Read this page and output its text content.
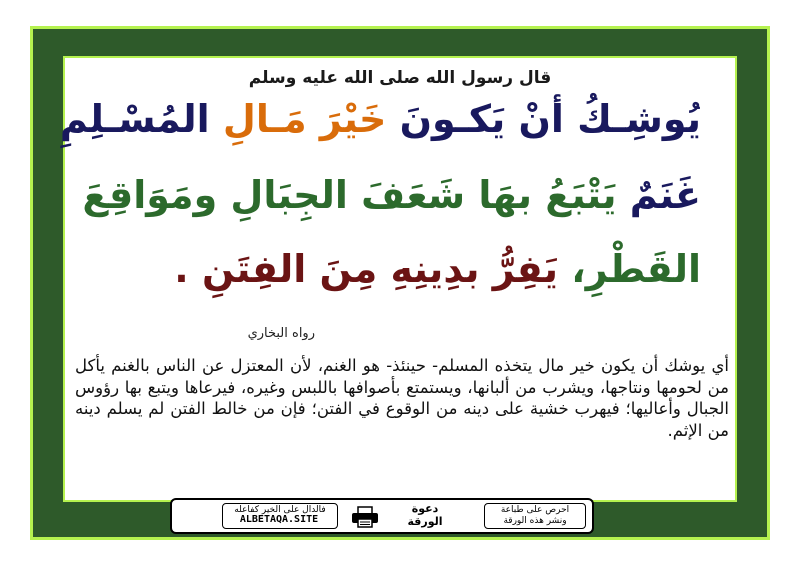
قال رسول الله صلى الله عليه وسلم
يُوشِـكُ أنْ يَكـونَ خَيْرَ مَـالِ المُسْـلِمِ
غَنَمٌ يَتْبَعُ بهَا شَعَفَ الجِبَالِ ومَوَاقِعَ
القَطْرِ، يَفِرُّ بدِينِهِ مِنَ الفِتَنِ .
رواه البخاري
أي يوشك أن يكون خير مال يتخذه المسلم- حينئذ- هو الغنم، لأن المعتزل عن الناس بالغنم يأكل من لحومها ونتاجها، ويشرب من ألبانها، ويستمتع بأصوافها باللبس وغيره، فيرعاها ويتبع بها رؤوس الجبال وأعاليها؛ فيهرب خشية على دينه من الوقوع في الفتن؛ فإن من خالط الفتن لم يسلم دينه من الإثم.
فالدال على الخير كفاعله
ALBETAQA.SITE
دعوة
الورقة
احرص على طباعة
ونشر هذه الورقة
